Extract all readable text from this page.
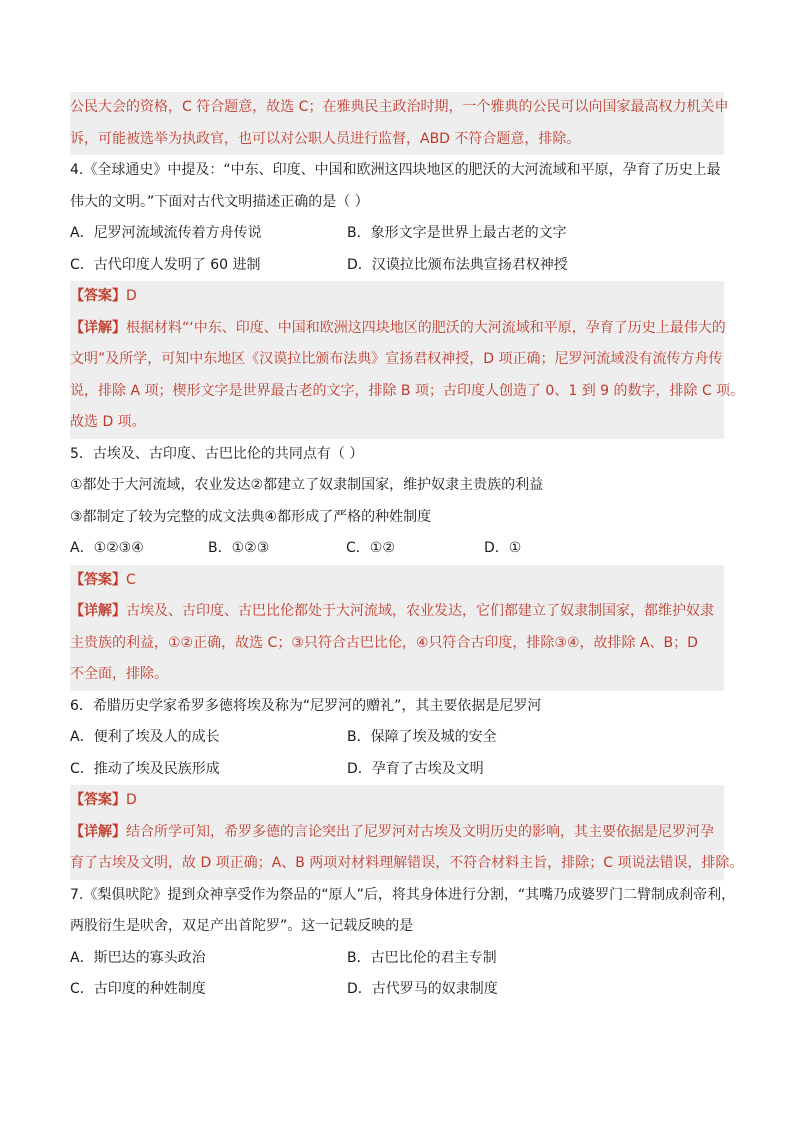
公民大会的资格，C 符合题意，故选 C；在雅典民主政治时期，一个雅典的公民可以向国家最高权力机关申
诉，可能被选举为执政官，也可以对公职人员进行监督，ABD 不符合题意，排除。
4.《全球通史》中提及：“中东、印度、中国和欧洲这四块地区的肥沃的大河流域和平原，孕育了历史上最
伟大的文明。”下面对古代文明描述正确的是（ ）
A．尼罗河流域流传着方舟传说	B．象形文字是世界上最古老的文字
C．古代印度人发明了 60 进制	D．汉谟拉比颁布法典宣扬君权神授
【答案】D
【详解】根据材料“‘中东、印度、中国和欧洲这四块地区的肥沃的大河流域和平原，孕育了历史上最伟大的
文明”及所学，可知中东地区《汉谟拉比颁布法典》宣扬君权神授，D 项正确；尼罗河流域没有流传方舟传
说，排除 A 项；楔形文字是世界最古老的文字，排除 B 项；古印度人创造了 0、1 到 9 的数字，排除 C 项。
故选 D 项。
5．古埃及、古印度、古巴比伦的共同点有（ ）
①都处于大河流域，农业发达②都建立了奴隶制国家，维护奴隶主贵族的利益
③都制定了较为完整的成文法典④都形成了严格的种姓制度
A．①②③④	B．①②③	C．①②	D．①
【答案】C
【详解】古埃及、古印度、古巴比伦都处于大河流域，农业发达，它们都建立了奴隶制国家，都维护奴隶
主贵族的利益，①②正确，故选 C；③只符合古巴比伦，④只符合古印度，排除③④，故排除 A、B；D
不全面，排除。
6．希腊历史学家希罗多德将埃及称为“尼罗河的赠礼”，其主要依据是尼罗河
A．便利了埃及人的成长	B．保障了埃及城的安全
C．推动了埃及民族形成	D．孕育了古埃及文明
【答案】D
【详解】结合所学可知，希罗多德的言论突出了尼罗河对古埃及文明历史的影响，其主要依据是尼罗河孕
育了古埃及文明，故 D 项正确；A、B 两项对材料理解错误，不符合材料主旨，排除；C 项说法错误，排除。
7.《梨俱吠陀》提到众神享受作为祭品的“原人”后，将其身体进行分割，“其嘴乃成婆罗门二臂制成刹帝利，
两股衍生是吠舍，双足产出首陀罗”。这一记载反映的是
A．斯巴达的寡头政治	B．古巴比伦的君主专制
C．古印度的种姓制度	D．古代罗马的奴隶制度
